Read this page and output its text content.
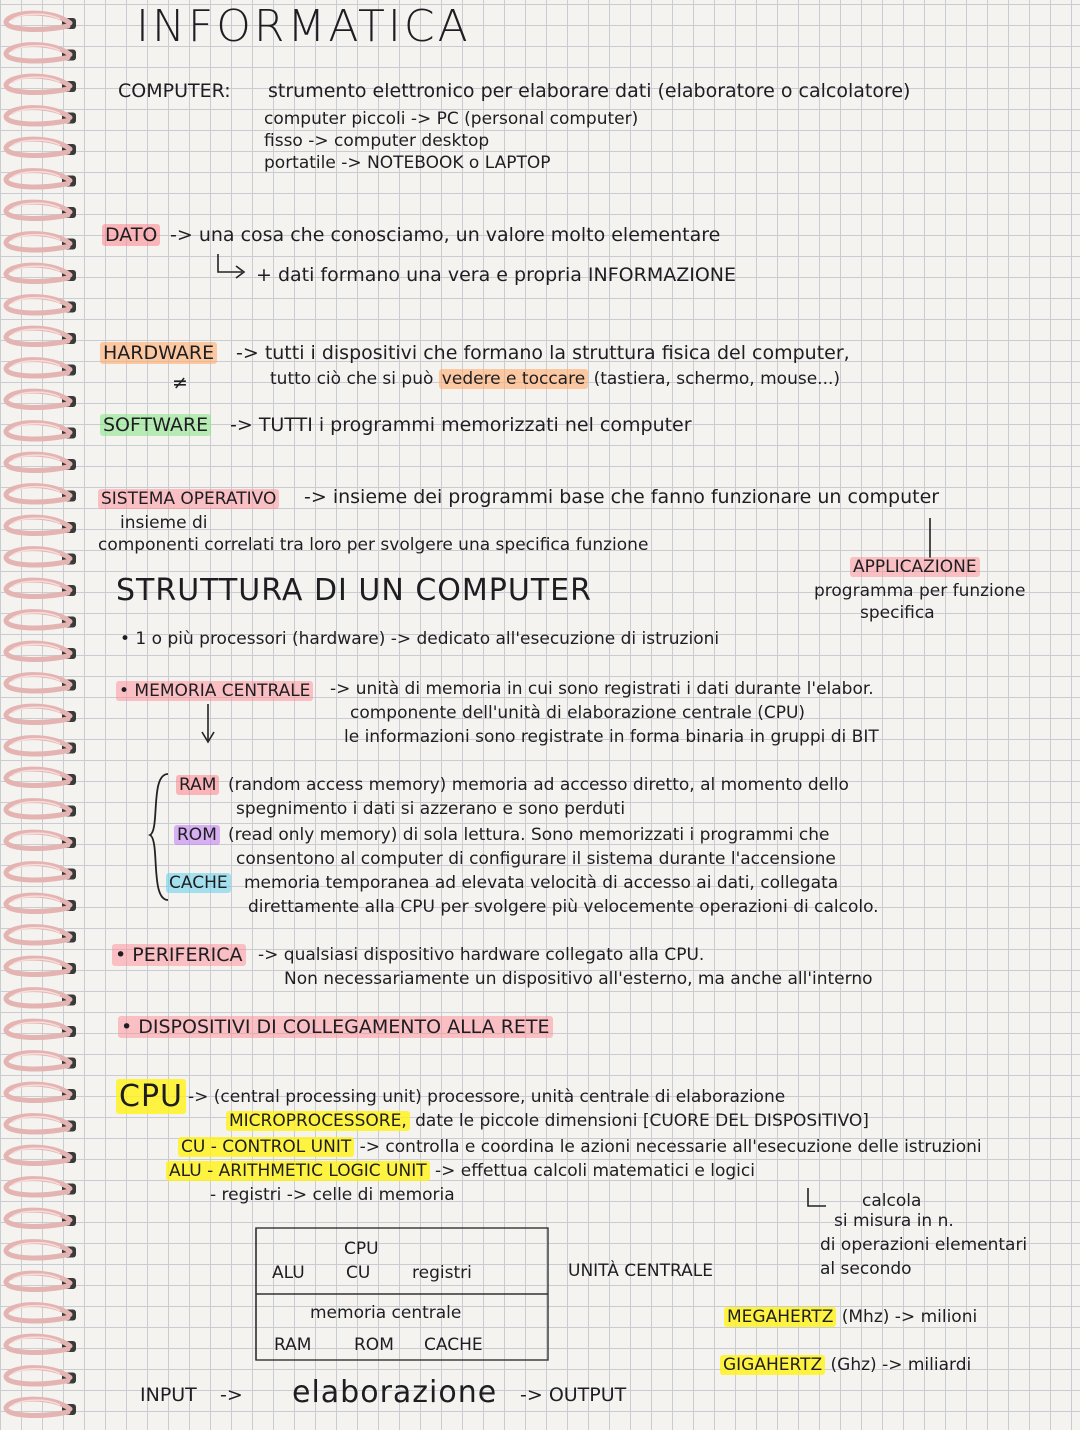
INFORMATICA
COMPUTER: strumento elettronico per elaborare dati (elaboratore o calcolatore)
computer piccoli -> PC (personal computer)
fisso -> computer desktop
portatile -> NOTEBOOK o LAPTOP
DATO -> una cosa che conosciamo, un valore molto elementare
+ dati formano una vera e propria INFORMAZIONE
HARDWARE -> tutti i dispositivi che formano la struttura fisica del computer,
tutto ciò che si può vedere e toccare (tastiera, schermo, mouse...)
≠
SOFTWARE -> TUTTI i programmi memorizzati nel computer
SISTEMA OPERATIVO -> insieme dei programmi base che fanno funzionare un computer
insieme di
componenti correlati tra loro per svolgere una specifica funzione
APPLICAZIONE
programma per funzione
specifica
STRUTTURA DI UN COMPUTER
• 1 o più processori (hardware) -> dedicato all'esecuzione di istruzioni
• MEMORIA CENTRALE -> unità di memoria in cui sono registrati i dati durante l'elabor.
componente dell'unità di elaborazione centrale (CPU)
le informazioni sono registrate in forma binaria in gruppi di BIT
RAM (random access memory) memoria ad accesso diretto, al momento dello
spegnimento i dati si azzerano e sono perduti
ROM (read only memory) di sola lettura. Sono memorizzati i programmi che
consentono al computer di configurare il sistema durante l'accensione
CACHE memoria temporanea ad elevata velocità di accesso ai dati, collegata
direttamente alla CPU per svolgere più velocemente operazioni di calcolo.
• PERIFERICA -> qualsiasi dispositivo hardware collegato alla CPU.
Non necessariamente un dispositivo all'esterno, ma anche all'interno
• DISPOSITIVI DI COLLEGAMENTO ALLA RETE
CPU -> (central processing unit) processore, unità centrale di elaborazione
MICROPROCESSORE, date le piccole dimensioni [CUORE DEL DISPOSITIVO]
CU - CONTROL UNIT -> controlla e coordina le azioni necessarie all'esecuzione delle istruzioni
ALU - ARITHMETIC LOGIC UNIT -> effettua calcoli matematici e logici
- registri -> celle di memoria	calcola
si misura in n.
di operazioni elementari
al secondo
MEGAHERTZ (Mhz) -> milioni
GIGAHERTZ (Ghz) -> miliardi
CPU
ALU CU registri
memoria centrale
RAM	ROM CACHE
UNITÀ CENTRALE
INPUT -> elaborazione -> OUTPUT
